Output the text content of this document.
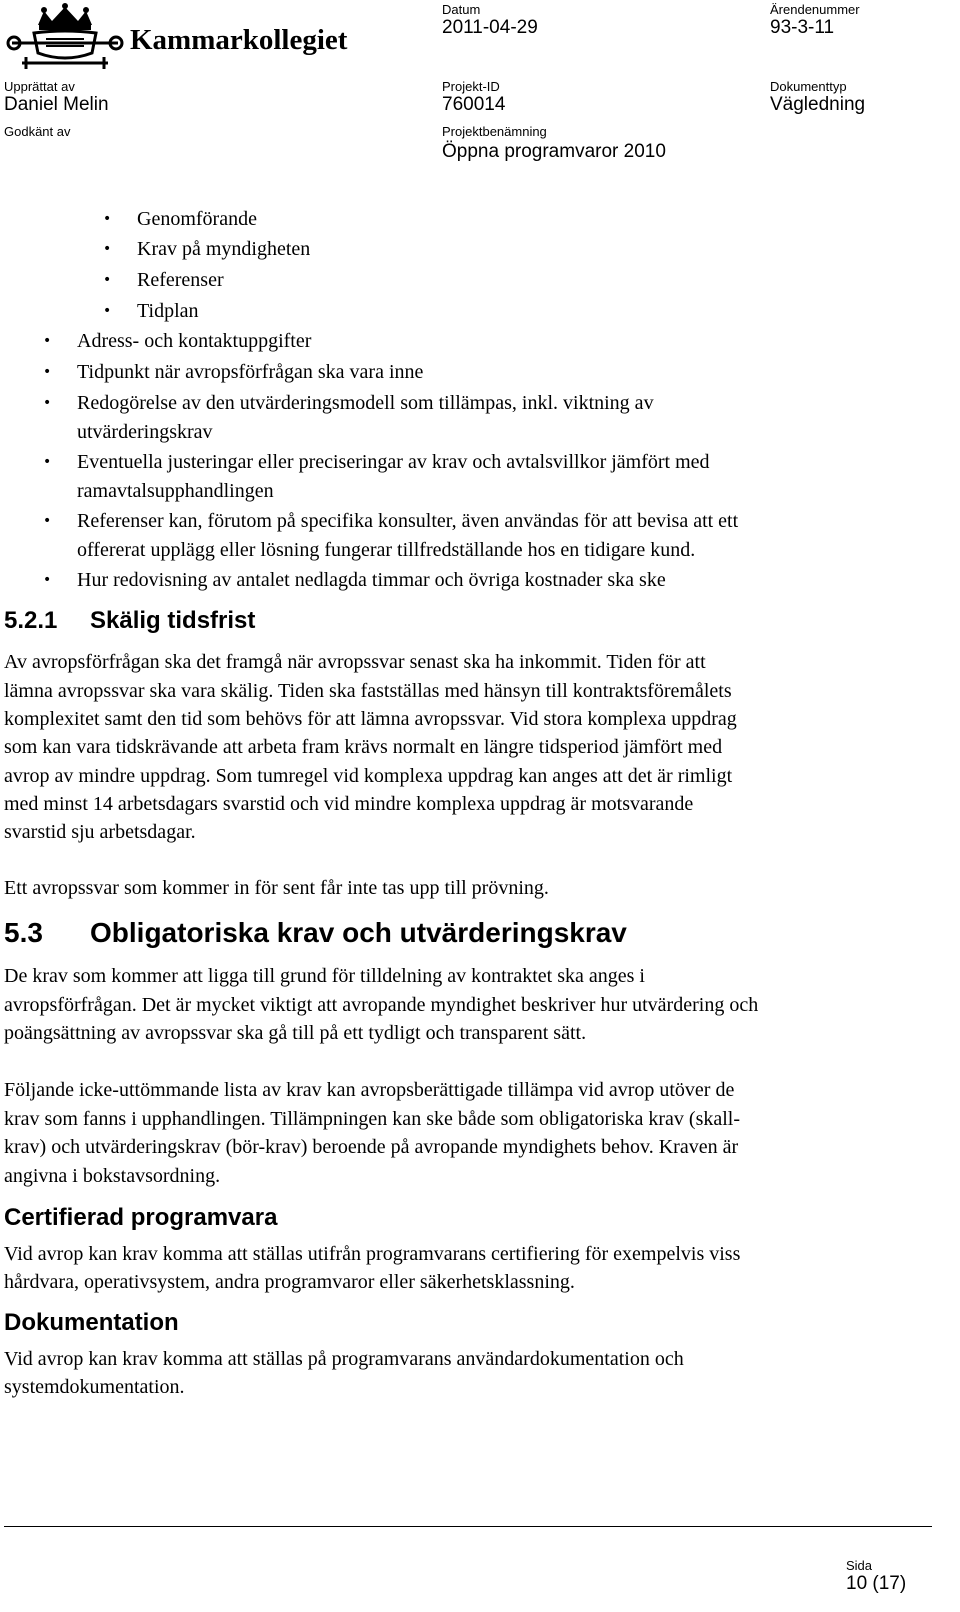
Kammarkollegiet
Datum
2011-04-29
Ärendenummer
93-3-11
Upprättat av
Daniel Melin
Projekt-ID
760014
Dokumenttyp
Vägledning
Godkänt av	Projektbenämning
Öppna programvaror 2010
• Genomförande
• Krav på myndigheten
• Referenser
• Tidplan
• Adress- och kontaktuppgifter
• Tidpunkt när avropsförfrågan ska vara inne
• Redogörelse av den utvärderingsmodell som tillämpas, inkl. viktning av
utvärderingskrav
• Eventuella justeringar eller preciseringar av krav och avtalsvillkor jämfört med
ramavtalsupphandlingen
• Referenser kan, förutom på specifika konsulter, även användas för att bevisa att ett
offererat upplägg eller lösning fungerar tillfredställande hos en tidigare kund.
• Hur redovisning av antalet nedlagda timmar och övriga kostnader ska ske
5.2.1 Skälig tidsfrist
Av avropsförfrågan ska det framgå när avropssvar senast ska ha inkommit. Tiden för att
lämna avropssvar ska vara skälig. Tiden ska fastställas med hänsyn till kontraktsföremålets
komplexitet samt den tid som behövs för att lämna avropssvar. Vid stora komplexa uppdrag
som kan vara tidskrävande att arbeta fram krävs normalt en längre tidsperiod jämfört med
avrop av mindre uppdrag. Som tumregel vid komplexa uppdrag kan anges att det är rimligt
med minst 14 arbetsdagars svarstid och vid mindre komplexa uppdrag är motsvarande
svarstid sju arbetsdagar.
Ett avropssvar som kommer in för sent får inte tas upp till prövning.
5.3 Obligatoriska krav och utvärderingskrav
De krav som kommer att ligga till grund för tilldelning av kontraktet ska anges i
avropsförfrågan. Det är mycket viktigt att avropande myndighet beskriver hur utvärdering och
poängsättning av avropssvar ska gå till på ett tydligt och transparent sätt.
Följande icke-uttömmande lista av krav kan avropsberättigade tillämpa vid avrop utöver de
krav som fanns i upphandlingen. Tillämpningen kan ske både som obligatoriska krav (skall-
krav) och utvärderingskrav (bör-krav) beroende på avropande myndighets behov. Kraven är
angivna i bokstavsordning.
Certifierad programvara
Vid avrop kan krav komma att ställas utifrån programvarans certifiering för exempelvis viss
hårdvara, operativsystem, andra programvaror eller säkerhetsklassning.
Dokumentation
Vid avrop kan krav komma att ställas på programvarans användardokumentation och
systemdokumentation.
Sida
10 (17)
